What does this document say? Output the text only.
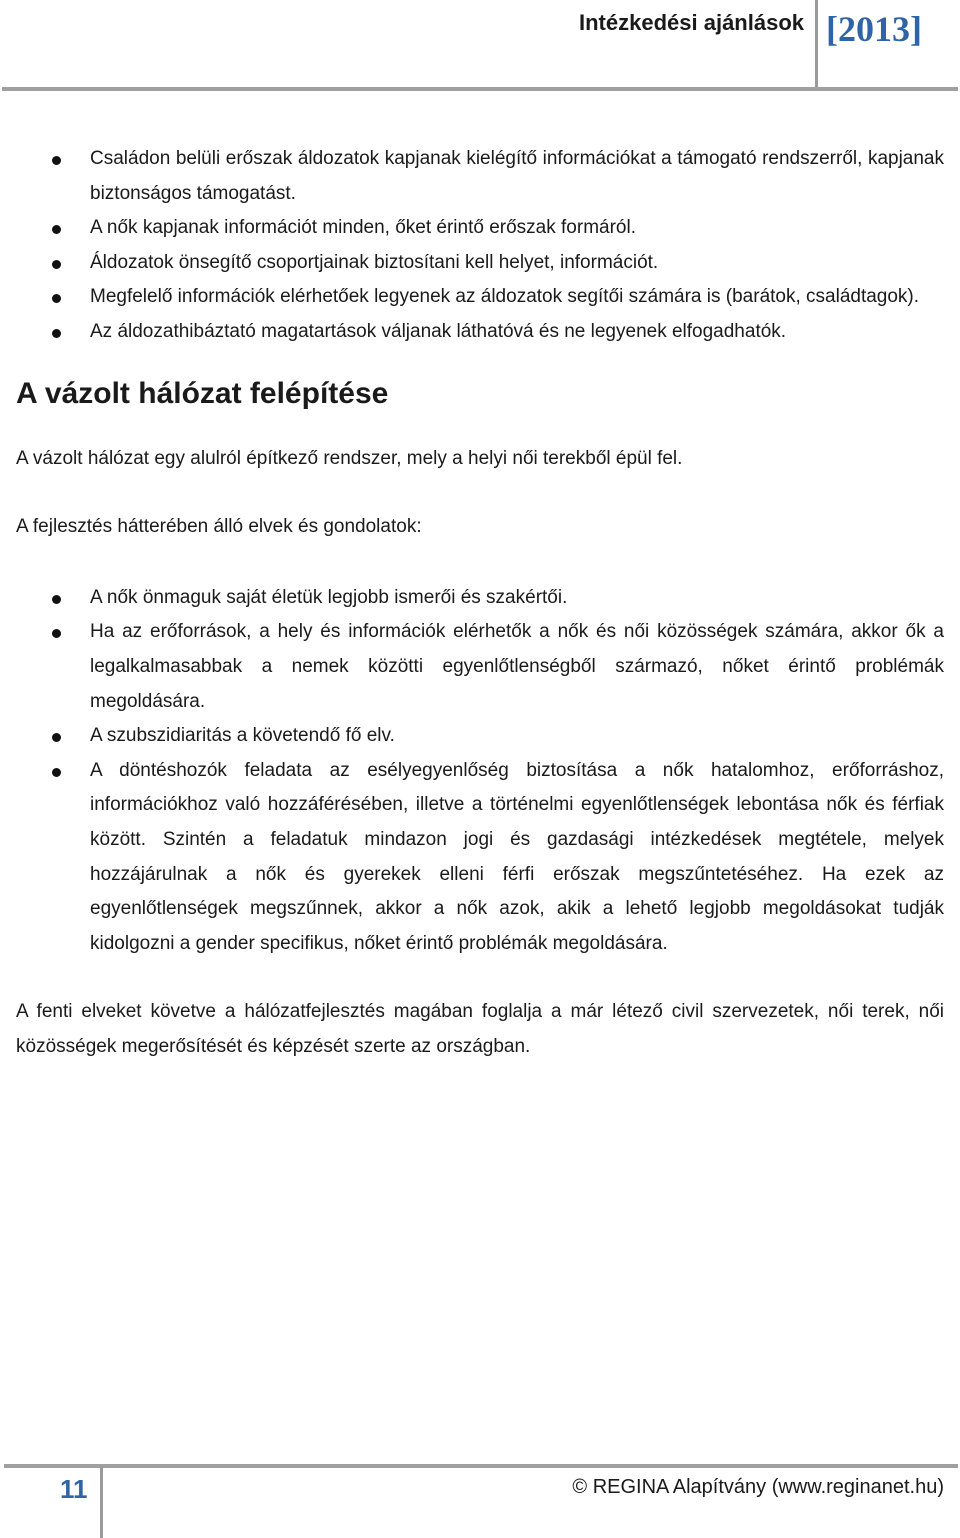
Intézkedési ajánlások [2013]
Családon belüli erőszak áldozatok kapjanak kielégítő információkat a támogató rendszerről, kapjanak biztonságos támogatást.
A nők kapjanak információt minden, őket érintő erőszak formáról.
Áldozatok önsegítő csoportjainak biztosítani kell helyet, információt.
Megfelelő információk elérhetőek legyenek az áldozatok segítői számára is (barátok, családtagok).
Az áldozathibáztató magatartások váljanak láthatóvá és ne legyenek elfogadhatók.
A vázolt hálózat felépítése

A vázolt hálózat egy alulról építkező rendszer, mely a helyi női terekből épül fel.

A fejlesztés hátterében álló elvek és gondolatok:

A nők önmaguk saját életük legjobb ismerői és szakértői.
Ha az erőforrások, a hely és információk elérhetők a nők és női közösségek számára, akkor ők a legalkalmasabbak a nemek közötti egyenlőtlenségből származó, nőket érintő problémák megoldására.
A szubszidiaritás a követendő fő elv.
A döntéshozók feladata az esélyegyenlőség biztosítása a nők hatalomhoz, erőforráshoz, információkhoz való hozzáférésében, illetve a történelmi egyenlőtlenségek lebontása nők és férfiak között. Szintén a feladatuk mindazon jogi és gazdasági intézkedések megtétele, melyek hozzájárulnak a nők és gyerekek elleni férfi erőszak megszűntetéséhez. Ha ezek az egyenlőtlenségek megszűnnek, akkor a nők azok, akik a lehető legjobb megoldásokat tudják kidolgozni a gender specifikus, nőket érintő problémák megoldására.

A fenti elveket követve a hálózatfejlesztés magában foglalja a már létező civil szervezetek, női terek, női közösségek megerősítését és képzését szerte az országban.

11	© REGINA Alapítvány (www.reginanet.hu)
